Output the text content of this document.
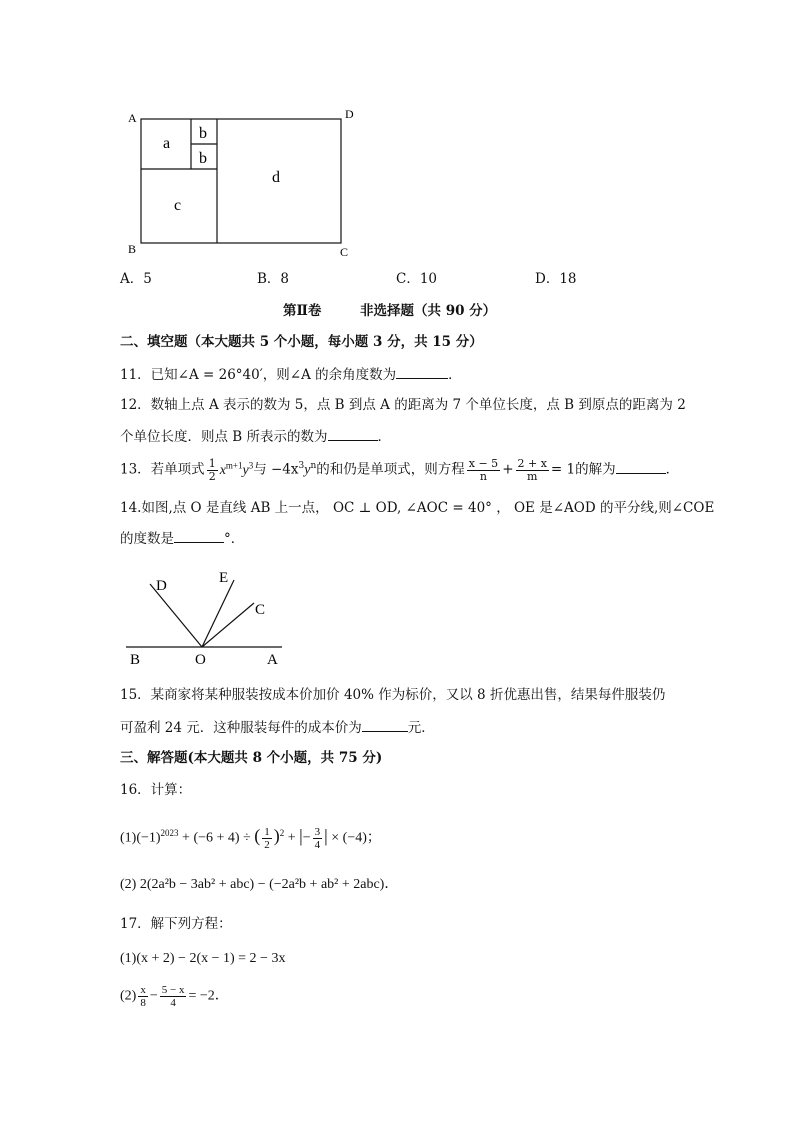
A	D
B	C
a
b
b
c
d
A．5	B．8	C．10	D．18
第Ⅱ卷	非选择题（共 90 分）
二、填空题（本大题共 5 个小题，每小题 3 分，共 15 分）
11．已知∠A = 26°40′，则∠A 的余角度数为	．
12．数轴上点 A 表示的数为 5，点 B 到点 A 的距离为 7 个单位长度，点 B 到原点的距离为 2
个单位长度．则点 B 所表示的数为	．
13．若单项式 $\frac{1}{2} x^{m+1}y^3$与 $-4x^3y^n$的和仍是单项式，则方程 $\frac{x - 5}{n} + \frac{2 + x}{m} = 1$的解为	．
14.如图,点 O 是直线 AB 上一点， OC ⊥ OD, ∠AOC = 40° ， OE 是∠AOD 的平分线,则∠COE
的度数是	°．
D	E
C
B	O	A
15．某商家将某种服装按成本价加价 40% 作为标价，又以 8 折优惠出售，结果每件服装仍
可盈利 24 元．这种服装每件的成本价为	元．
三、解答题(本大题共 8 个小题，共 75 分)
16．计算：
$(1)(-1)^{2023} + (-6 + 4)$ ÷ ( $\frac{1}{2} )^2$ + |− $\frac{3}{4}$ | × (−4)；
(2) 2(2a²b − 3ab² + abc) − (−2a²b + ab² + 2abc)．
17．解下列方程：
(1)(x + 2) − 2(x − 1) = 2 − 3x
$(2) \frac{x}{8} - \frac{5 - x}{4} = -2$．
